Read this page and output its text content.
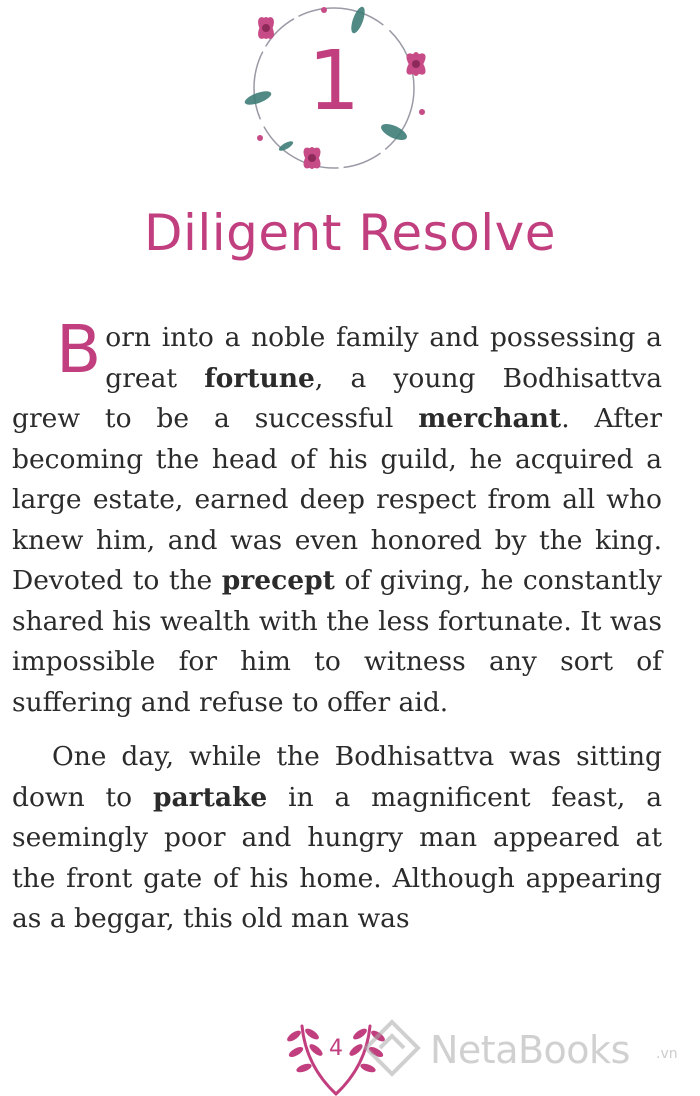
1
Diligent Resolve

Born into a noble family and possessing a great fortune, a young Bodhisattva grew to be a successful merchant. After becoming the head of his guild, he acquired a large estate, earned deep respect from all who knew him, and was even honored by the king. Devoted to the precept of giving, he constantly shared his wealth with the less fortunate. It was impossible for him to witness any sort of suffering and refuse to offer aid.

One day, while the Bodhisattva was sitting down to partake in a magnificent feast, a seemingly poor and hungry man appeared at the front gate of his home. Although appearing as a beggar, this old man was

4	NetaBooks .vn
